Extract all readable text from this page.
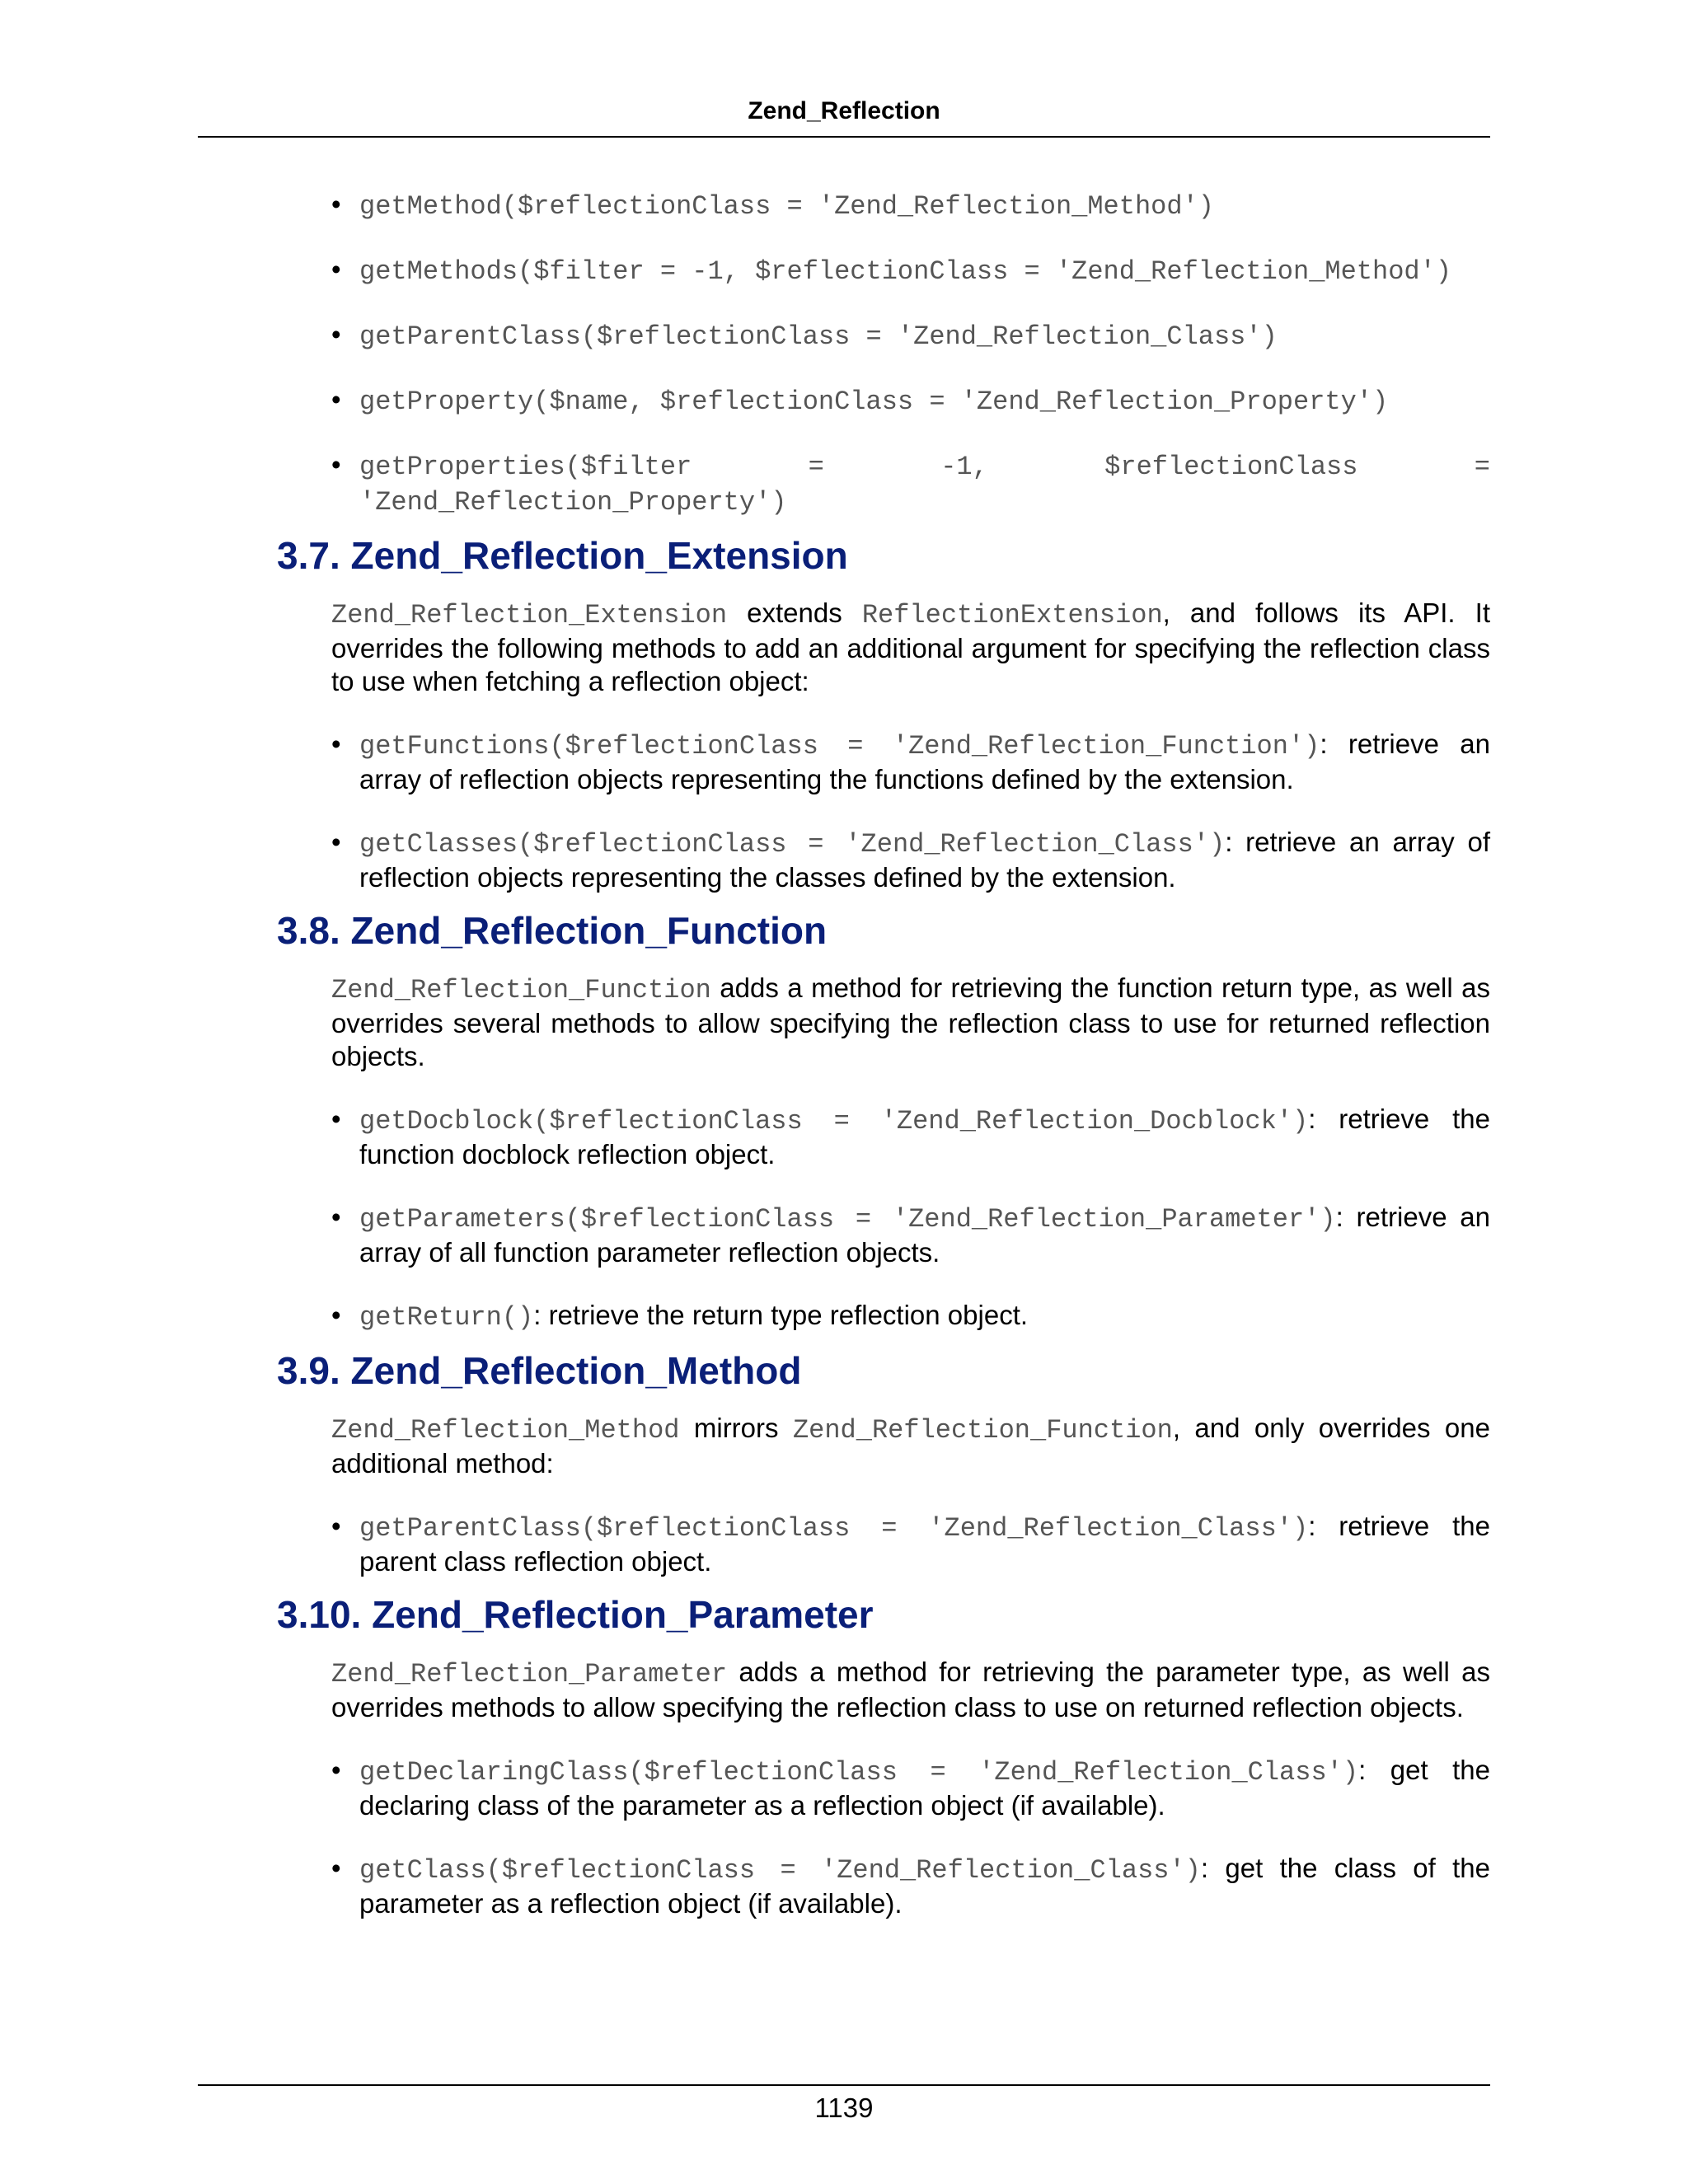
Zend_Reflection
• getMethod($reflectionClass = 'Zend_Reflection_Method')
• getMethods($filter = -1, $reflectionClass = 'Zend_Reflection_Method')
• getParentClass($reflectionClass = 'Zend_Reflection_Class')
• getProperty($name, $reflectionClass = 'Zend_Reflection_Property')
• getProperties($filter = -1, $reflectionClass = 'Zend_Reflection_Property')
3.7. Zend_Reflection_Extension

Zend_Reflection_Extension extends ReflectionExtension, and follows its API. It overrides the following methods to add an additional argument for specifying the reflection class to use when fetching a reflection object:

• getFunctions($reflectionClass = 'Zend_Reflection_Function'): retrieve an array of reflection objects representing the functions defined by the extension.
• getClasses($reflectionClass = 'Zend_Reflection_Class'): retrieve an array of reflection objects representing the classes defined by the extension.
3.8. Zend_Reflection_Function

Zend_Reflection_Function adds a method for retrieving the function return type, as well as overrides several methods to allow specifying the reflection class to use for returned reflection objects.

• getDocblock($reflectionClass = 'Zend_Reflection_Docblock'): retrieve the function docblock reflection object.
• getParameters($reflectionClass = 'Zend_Reflection_Parameter'): retrieve an array of all function parameter reflection objects.
• getReturn(): retrieve the return type reflection object.
3.9. Zend_Reflection_Method

Zend_Reflection_Method mirrors Zend_Reflection_Function, and only overrides one additional method:

• getParentClass($reflectionClass = 'Zend_Reflection_Class'): retrieve the parent class reflection object.
3.10. Zend_Reflection_Parameter

Zend_Reflection_Parameter adds a method for retrieving the parameter type, as well as overrides methods to allow specifying the reflection class to use on returned reflection objects.

• getDeclaringClass($reflectionClass = 'Zend_Reflection_Class'): get the declaring class of the parameter as a reflection object (if available).
• getClass($reflectionClass = 'Zend_Reflection_Class'): get the class of the parameter as a reflection object (if available).
1139
